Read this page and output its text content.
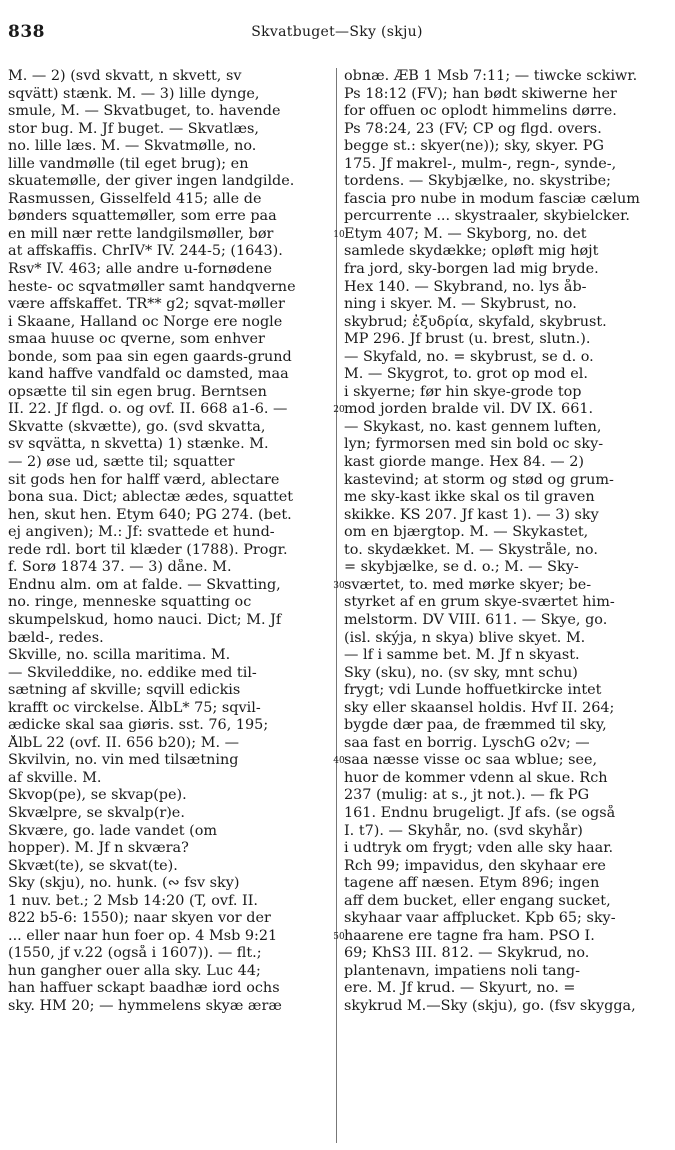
838	Skvatbuget—Sky (skju)
M. — 2) (svd skvatt, n skvett, sv
sqvätt) stænk. M. — 3) lille dynge,
smule, M. — Skvatbuget, to. havende
stor bug. M. Jf buget. — Skvatlæs,
no. lille læs. M. — Skvatmølle, no.
lille vandmølle (til eget brug); en
skuatemølle, der giver ingen landgilde.
Rasmussen, Gisselfeld 415; alle de
bønders squattemøller, som erre paa
en mill nær rette landgilsmøller, bør
at affskaffis. ChrIV* IV. 244-5; (1643).
Rsv* IV. 463; alle andre u-fornødene
heste- oc sqvatmøller samt handqverne
være affskaffet. TR** g2; sqvat-møller
i Skaane, Halland oc Norge ere nogle
smaa huuse oc qverne, som enhver
bonde, som paa sin egen gaards-grund
kand haffve vandfald oc damsted, maa
opsætte til sin egen brug. Berntsen
II. 22. Jf flgd. o. og ovf. II. 668 a1-6. —
Skvatte (skvætte), go. (svd skvatta,
sv sqvätta, n skvetta) 1) stænke. M.
— 2) øse ud, sætte til; squatter
sit gods hen for halff værd, ablectare
bona sua. Dict; ablectæ ædes, squattet
hen, skut hen. Etym 640; PG 274. (bet.
ej angiven); M.: Jf: svattede et hund-
rede rdl. bort til klæder (1788). Progr.
f. Sorø 1874 37. — 3) dåne. M.
Endnu alm. om at falde. — Skvatting,
no. ringe, menneske squatting oc
skumpelskud, homo nauci. Dict; M. Jf
bæld-, redes.
Skville, no. scilla maritima. M.
— Skvileddike, no. eddike med til-
sætning af skville; sqvill edickis
krafft oc virckelse. ÅlbL* 75; sqvil-
ædicke skal saa giøris. sst. 76, 195;
ÅlbL 22 (ovf. II. 656 b20); M. —
Skvilvin, no. vin med tilsætning
af skville. M.
Skvop(pe), se skvap(pe).
Skvælpre, se skvalp(r)e.
Skvære, go. lade vandet (om
hopper). M. Jf n skværa?
Skvæt(te), se skvat(te).
Sky (skju), no. hunk. (∾ fsv sky)
1 nuv. bet.; 2 Msb 14:20 (T, ovf. II.
822 b5-6: 1550); naar skyen vor der
... eller naar hun foer op. 4 Msb 9:21
(1550, jf v.22 (også i 1607)). — flt.;
hun gangher ouer alla sky. Luc 44;
han haffuer sckapt baadhæ iord ochs
sky. HM 20; — hymmelens skyæ æræ
obnæ. ÆB 1 Msb 7:11; — tiwcke sckiwr.
Ps 18:12 (FV); han bødt skiwerne her
for offuen oc oplodt himmelins dørre.
Ps 78:24, 23 (FV; CP og flgd. overs.
begge st.: skyer(ne)); sky, skyer. PG
175. Jf makrel-, mulm-, regn-, synde-,
tordens. — Skybjælke, no. skystribe;
fascia pro nube in modum fasciæ cælum
percurrente ... skystraaler, skybielcker.
Etym 407; M. — Skyborg, no. det
samlede skydække; opløft mig højt
fra jord, sky-borgen lad mig bryde.
Hex 140. — Skybrand, no. lys åb-
ning i skyer. M. — Skybrust, no.
skybrud; ἐξυδρία, skyfald, skybrust.
MP 296. Jf brust (u. brest, slutn.).
— Skyfald, no. = skybrust, se d. o.
M. — Skygrot, to. grot op mod el.
i skyerne; før hin skye-grode top
mod jorden bralde vil. DV IX. 661.
— Skykast, no. kast gennem luften,
lyn; fyrmorsen med sin bold oc sky-
kast giorde mange. Hex 84. — 2)
kastevind; at storm og stød og grum-
me sky-kast ikke skal os til graven
skikke. KS 207. Jf kast 1). — 3) sky
om en bjærgtop. M. — Skykastet,
to. skydækket. M. — Skystråle, no.
= skybjælke, se d. o.; M. — Sky-
sværtet, to. med mørke skyer; be-
styrket af en grum skye-sværtet him-
melstorm. DV VIII. 611. — Skye, go.
(isl. skýja, n skya) blive skyet. M.
— lf i samme bet. M. Jf n skyast.
Sky (sku), no. (sv sky, mnt schu)
frygt; vdi Lunde hoffuetkircke intet
sky eller skaansel holdis. Hvf II. 264;
bygde dær paa, de fræmmed til sky,
saa fast en borrig. LyschG o2v; —
saa næsse visse oc saa wblue; see,
huor de kommer vdenn al skue. Rch
237 (mulig: at s., jt not.). — fk PG
161. Endnu brugeligt. Jf afs. (se også
I. t7). — Skyhår, no. (svd skyhår)
i udtryk om frygt; vden alle sky haar.
Rch 99; impavidus, den skyhaar ere
tagene aff næsen. Etym 896; ingen
aff dem bucket, eller engang sucket,
skyhaar vaar affplucket. Kpb 65; sky-
haarene ere tagne fra ham. PSO I.
69; KhS3 III. 812. — Skykrud, no.
plantenavn, impatiens noli tang-
ere. M. Jf krud. — Skyurt, no. =
skykrud M.—Sky (skju), go. (fsv skygga,
10
20
30
40
50
